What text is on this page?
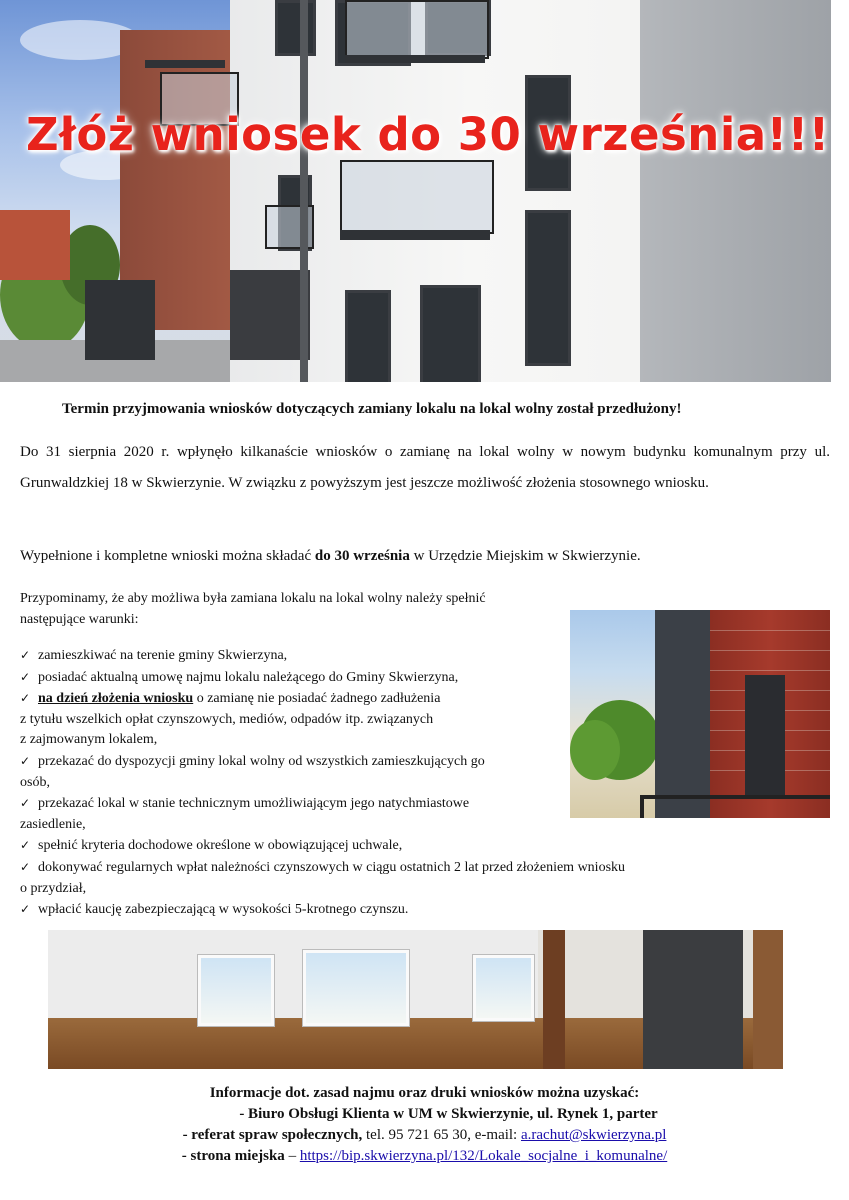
Złóż wniosek do 30 września!!!
Termin przyjmowania wniosków dotyczących zamiany lokalu na lokal wolny został przedłużony!
Do 31 sierpnia 2020 r. wpłynęło kilkanaście wniosków o zamianę na lokal wolny w nowym budynku komunalnym przy ul. Grunwaldzkiej 18 w Skwierzynie. W związku z powyższym jest jeszcze możliwość złożenia stosownego wniosku.
Wypełnione i kompletne wnioski można składać do 30 września w Urzędzie Miejskim w Skwierzynie.
Przypominamy, że aby możliwa była zamiana lokalu na lokal wolny należy spełnić
następujące warunki:
✓ zamieszkiwać na terenie gminy Skwierzyna,
✓ posiadać aktualną umowę najmu lokalu należącego do Gminy Skwierzyna,
✓ na dzień złożenia wniosku o zamianę nie posiadać żadnego zadłużenia
z tytułu wszelkich opłat czynszowych, mediów, odpadów itp. związanych
z zajmowanym lokalem,
✓ przekazać do dyspozycji gminy lokal wolny od wszystkich zamieszkujących go
osób,
✓ przekazać lokal w stanie technicznym umożliwiającym jego natychmiastowe
zasiedlenie,
✓ spełnić kryteria dochodowe określone w obowiązującej uchwale,
✓ dokonywać regularnych wpłat należności czynszowych w ciągu ostatnich 2 lat przed złożeniem wniosku
o przydział,
✓ wpłacić kaucję zabezpieczającą w wysokości 5-krotnego czynszu.
Informacje dot. zasad najmu oraz druki wniosków można uzyskać:
- Biuro Obsługi Klienta w UM w Skwierzynie, ul. Rynek 1, parter
- referat spraw społecznych, tel. 95 721 65 30, e-mail: a.rachut@skwierzyna.pl
- strona miejska – https://bip.skwierzyna.pl/132/Lokale_socjalne_i_komunalne/
